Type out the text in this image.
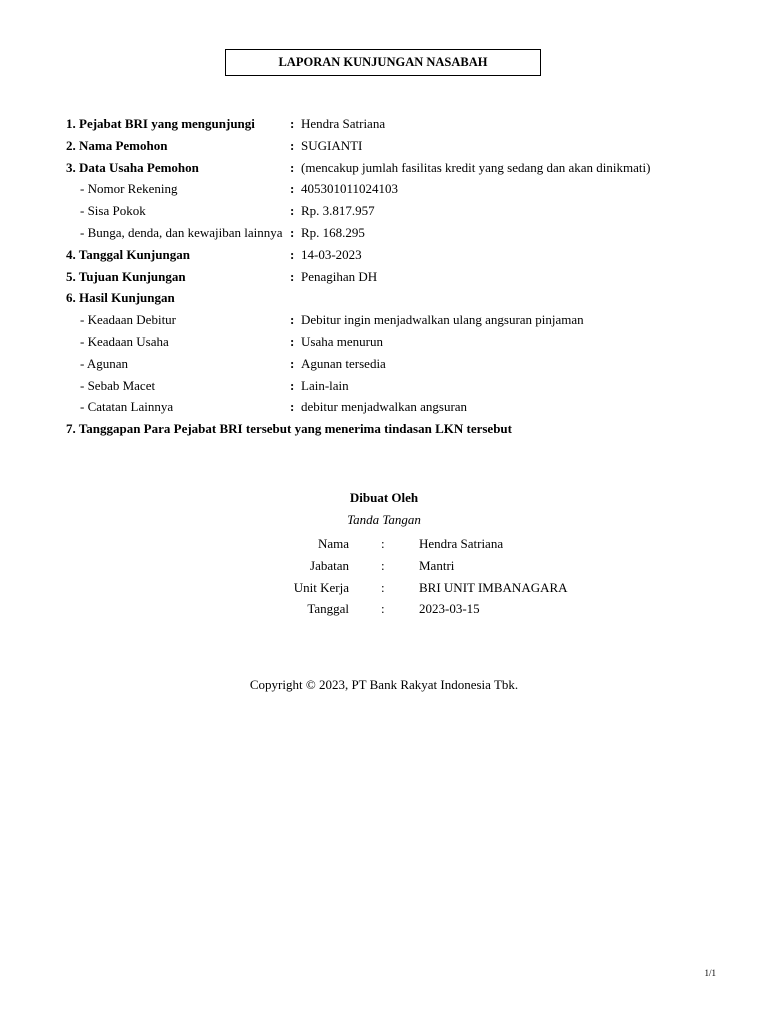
LAPORAN KUNJUNGAN NASABAH
1. Pejabat BRI yang mengunjungi	: Hendra Satriana
2. Nama Pemohon	: SUGIANTI
3. Data Usaha Pemohon	: (mencakup jumlah fasilitas kredit yang sedang dan akan dinikmati)
- Nomor Rekening	: 405301011024103
- Sisa Pokok	: Rp. 3.817.957
- Bunga, denda, dan kewajiban lainnya : Rp. 168.295
4. Tanggal Kunjungan	: 14-03-2023
5. Tujuan Kunjungan	: Penagihan DH
6. Hasil Kunjungan
- Keadaan Debitur	: Debitur ingin menjadwalkan ulang angsuran pinjaman
- Keadaan Usaha	: Usaha menurun
- Agunan	: Agunan tersedia
- Sebab Macet	: Lain-lain
- Catatan Lainnya	: debitur menjadwalkan angsuran
7. Tanggapan Para Pejabat BRI tersebut yang menerima tindasan LKN tersebut
Dibuat Oleh
Tanda Tangan
Nama :	Hendra Satriana
Jabatan :	Mantri
Unit Kerja :	BRI UNIT IMBANAGARA
Tanggal :	2023-03-15
Copyright © 2023, PT Bank Rakyat Indonesia Tbk.
1/1
